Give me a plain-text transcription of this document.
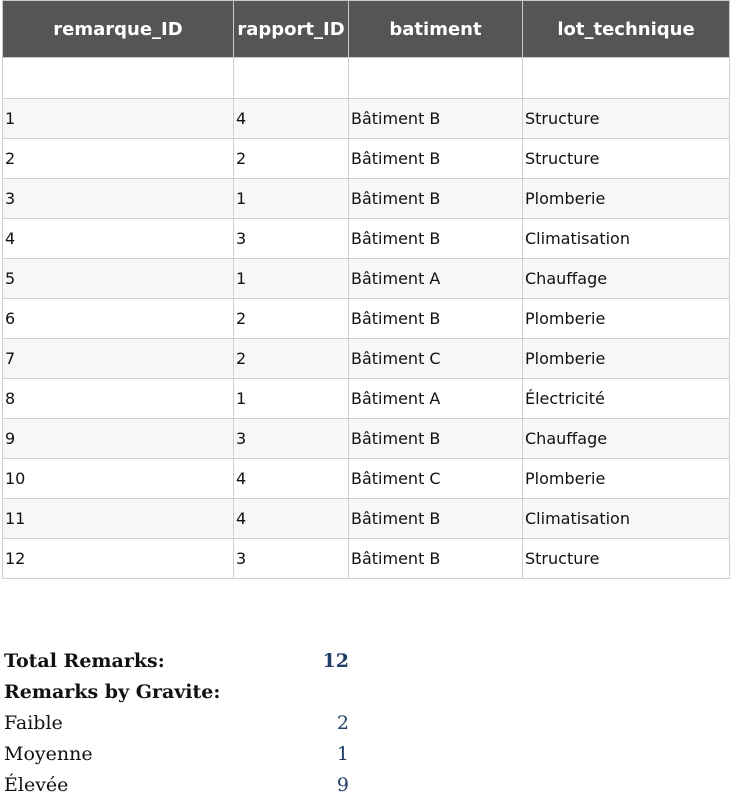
remarque_ID	rapport_ID	batiment	lot_technique

1	4	Bâtiment B	Structure
2	2	Bâtiment B	Structure
3	1	Bâtiment B	Plomberie
4	3	Bâtiment B	Climatisation
5	1	Bâtiment A	Chauffage
6	2	Bâtiment B	Plomberie
7	2	Bâtiment C	Plomberie
8	1	Bâtiment A	Électricité
9	3	Bâtiment B	Chauffage
10	4	Bâtiment C	Plomberie
11	4	Bâtiment B	Climatisation
12	3	Bâtiment B	Structure
Total Remarks:	12
Remarks by Gravite:
Faible	2
Moyenne	1
Élevée	9
